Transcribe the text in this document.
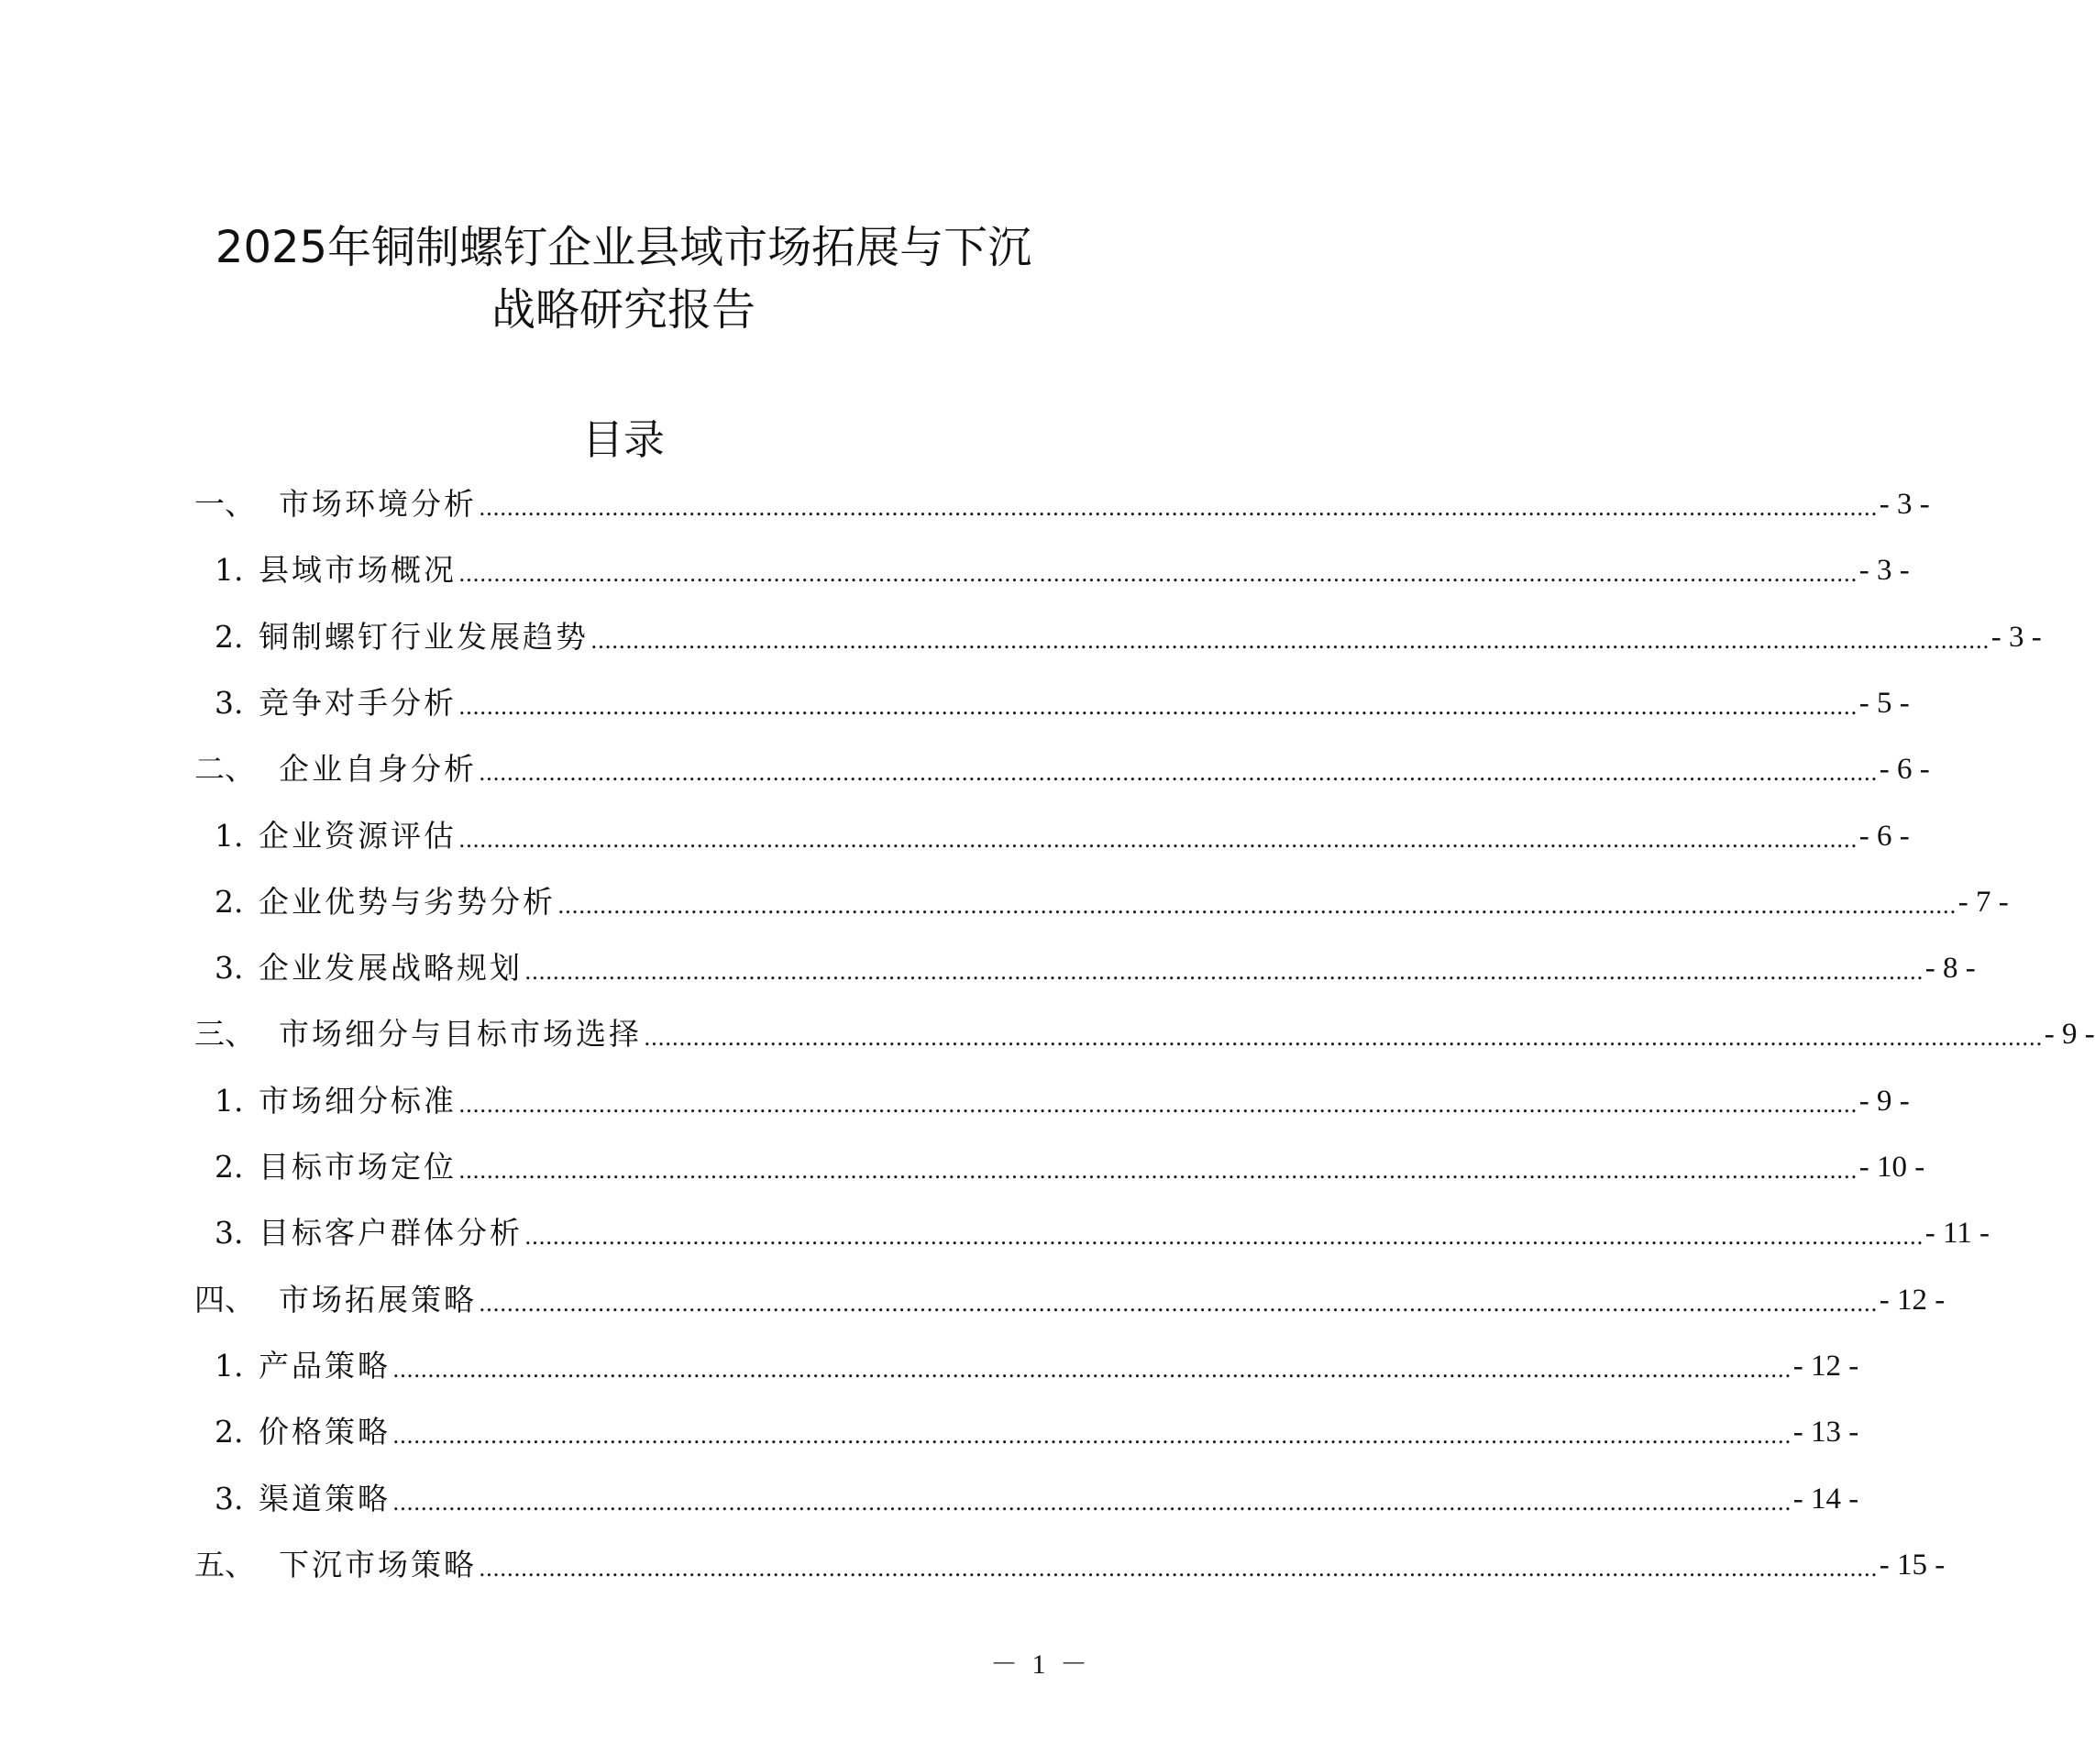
2025年铜制螺钉企业县域市场拓展与下沉
战略研究报告
目录
一、 市场环境分析 ........................................................................................................................................................................................................ - 3 -
1. 县域市场概况 ........................................................................................................................................................................................................ - 3 -
2. 铜制螺钉行业发展趋势 ........................................................................................................................................................................................................ - 3 -
3. 竞争对手分析 ........................................................................................................................................................................................................ - 5 -
二、 企业自身分析 ........................................................................................................................................................................................................ - 6 -
1. 企业资源评估 ........................................................................................................................................................................................................ - 6 -
2. 企业优势与劣势分析 ........................................................................................................................................................................................................ - 7 -
3. 企业发展战略规划 ........................................................................................................................................................................................................ - 8 -
三、 市场细分与目标市场选择 ........................................................................................................................................................................................................ - 9 -
1. 市场细分标准 ........................................................................................................................................................................................................ - 9 -
2. 目标市场定位 ........................................................................................................................................................................................................ - 10 -
3. 目标客户群体分析 ........................................................................................................................................................................................................ - 11 -
四、 市场拓展策略 ........................................................................................................................................................................................................ - 12 -
1. 产品策略 ........................................................................................................................................................................................................ - 12 -
2. 价格策略 ........................................................................................................................................................................................................ - 13 -
3. 渠道策略 ........................................................................................................................................................................................................ - 14 -
五、 下沉市场策略 ........................................................................................................................................................................................................ - 15 -
－ 1 －
